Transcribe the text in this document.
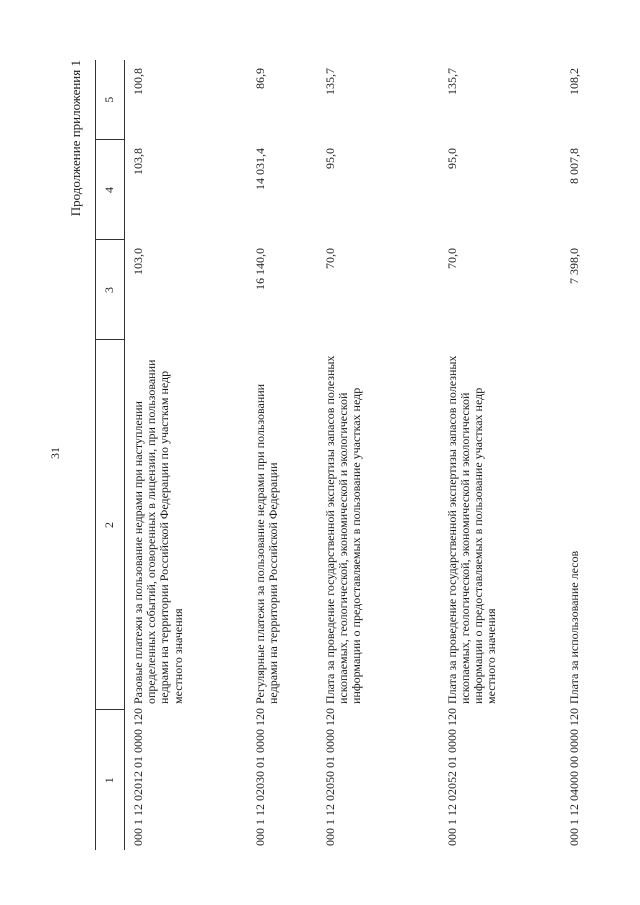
31
Продолжение приложения 1
1	2	3	4	5
000 1 12 02012 01 0000 120	Разовые платежи за пользование недрами при наступлении определенных событий, оговоренных в лицензии, при пользовании недрами на территории Российской Федерации по участкам недр местного значения	103,0	103,8	100,8
000 1 12 02030 01 0000 120	Регулярные платежи за пользование недрами при пользовании недрами на территории Российской Федерации	16 140,0	14 031,4	86,9
000 1 12 02050 01 0000 120	Плата за проведение государственной экспертизы запасов полезных ископаемых, геологической, экономической и экологической информации о предоставляемых в пользование участках недр	70,0	95,0	135,7
000 1 12 02052 01 0000 120	Плата за проведение государственной экспертизы запасов полезных ископаемых, геологической, экономической и экологической информации о предоставляемых в пользование участках недр местного значения	70,0	95,0	135,7
000 1 12 04000 00 0000 120	Плата за использование лесов	7 398,0	8 007,8	108,2
